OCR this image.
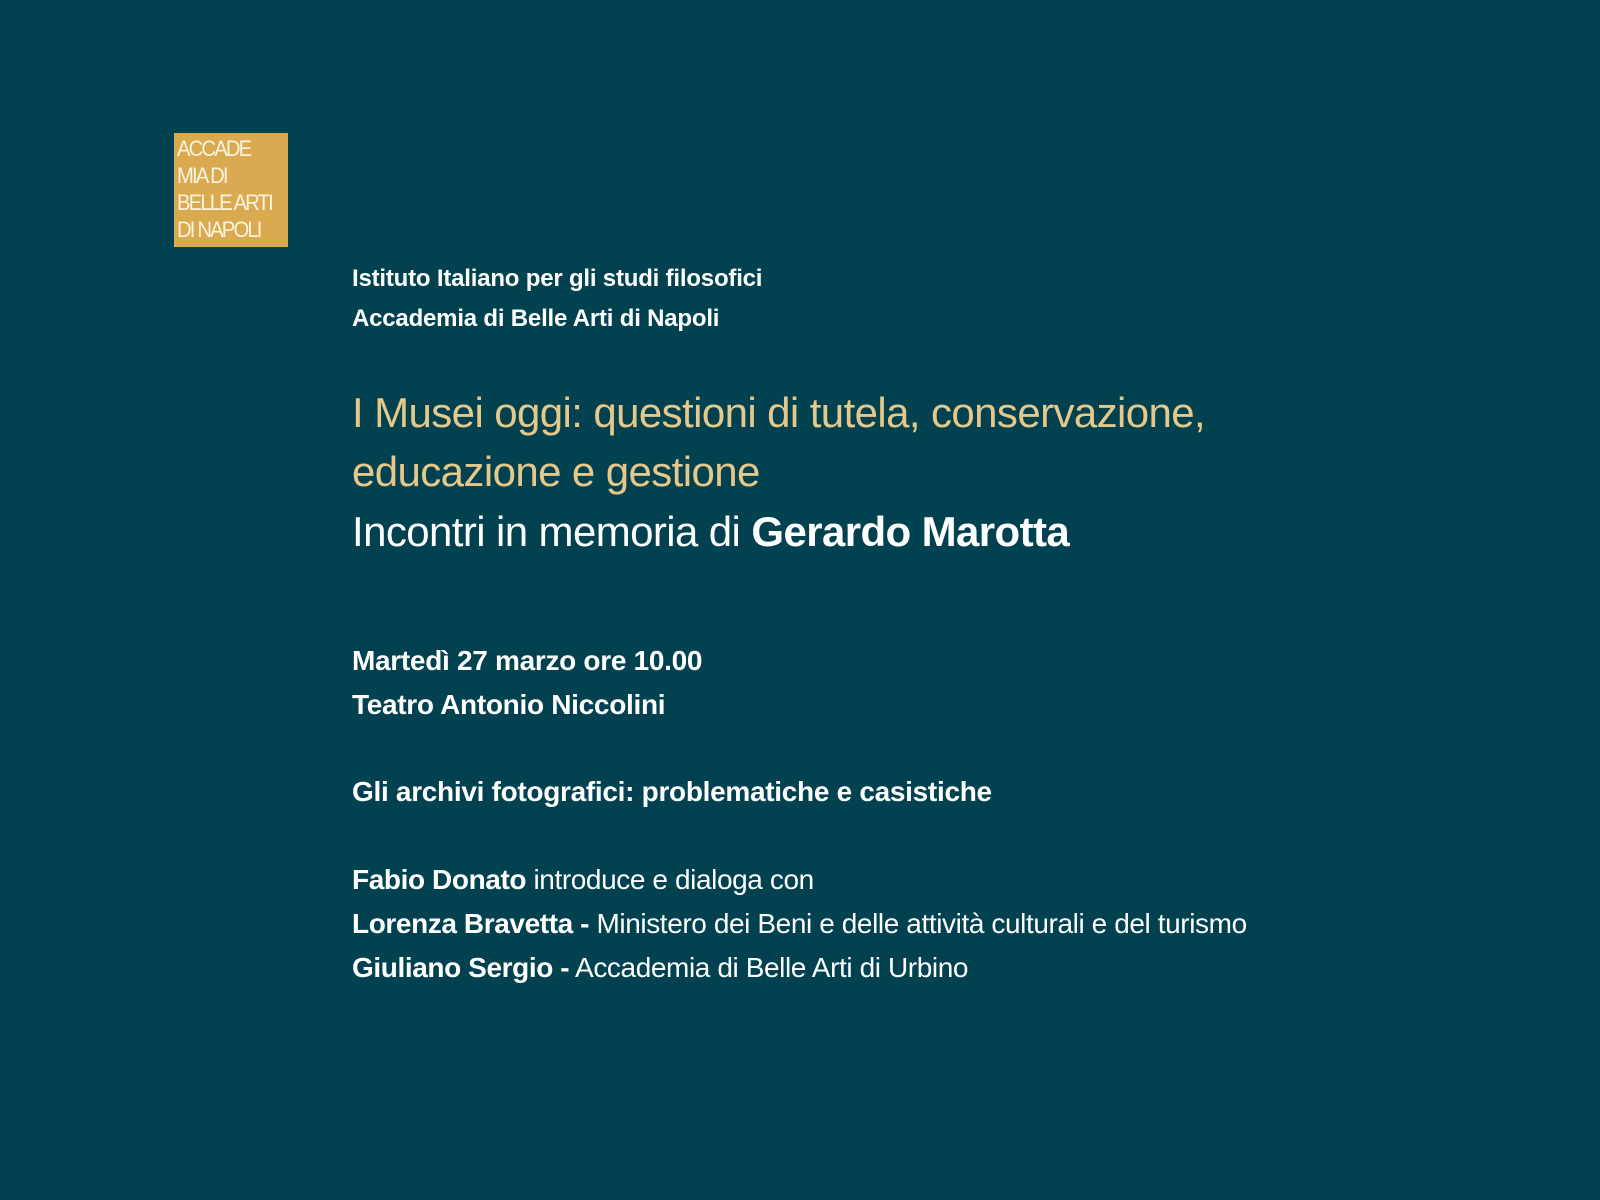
ACCADE
MIA DI
BELLE ARTI
DI NAPOLI
Istituto Italiano per gli studi filosofici
Accademia di Belle Arti di Napoli
I Musei oggi: questioni di tutela, conservazione,
educazione e gestione
Incontri in memoria di Gerardo Marotta
Martedì 27 marzo ore 10.00
Teatro Antonio Niccolini
Gli archivi fotografici: problematiche e casistiche
Fabio Donato introduce e dialoga con
Lorenza Bravetta - Ministero dei Beni e delle attività culturali e del turismo
Giuliano Sergio - Accademia di Belle Arti di Urbino
